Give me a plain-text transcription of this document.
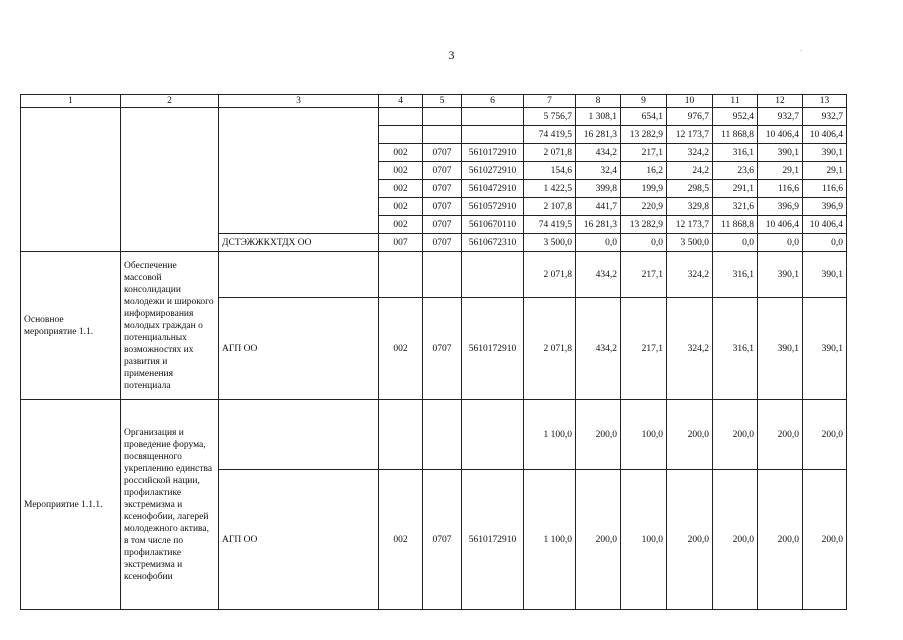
3	.
1	2	3	4	5	6	7	8	9	10	11	12	13
						5 756,7	1 308,1	654,1	976,7	952,4	932,7	932,7
						74 419,5	16 281,3	13 282,9	12 173,7	11 868,8	10 406,4	10 406,4
			002	0707	5610172910	2 071,8	434,2	217,1	324,2	316,1	390,1	390,1
			002	0707	5610272910	154,6	32,4	16,2	24,2	23,6	29,1	29,1
			002	0707	5610472910	1 422,5	399,8	199,9	298,5	291,1	116,6	116,6
			002	0707	5610572910	2 107,8	441,7	220,9	329,8	321,6	396,9	396,9
			002	0707	5610670110	74 419,5	16 281,3	13 282,9	12 173,7	11 868,8	10 406,4	10 406,4
		ДСТЭЖЖКХТДХ ОО	007	0707	5610672310	3 500,0	0,0	0,0	3 500,0	0,0	0,0	0,0
Основное мероприятие 1.1.	Обеспечение массовой консолидации молодежи и широкого информирования молодых граждан о потенциальных возможностях их развития и применения потенциала					2 071,8	434,2	217,1	324,2	316,1	390,1	390,1
		АГП ОО	002	0707	5610172910	2 071,8	434,2	217,1	324,2	316,1	390,1	390,1
Мероприятие 1.1.1.	Организация и проведение форума, посвященного укреплению единства российской нации, профилактике экстремизма и ксенофобии, лагерей молодежного актива, в том числе по профилактике экстремизма и ксенофобии					1 100,0	200,0	100,0	200,0	200,0	200,0	200,0
		АГП ОО	002	0707	5610172910	1 100,0	200,0	100,0	200,0	200,0	200,0	200,0
